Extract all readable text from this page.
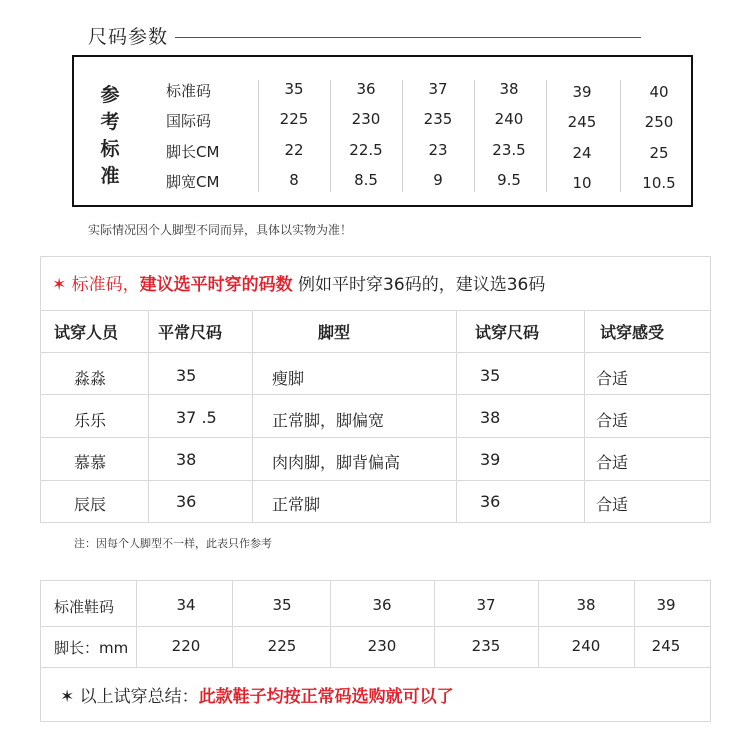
尺码参数
参
考
标
准
标准码	35	36	37	38	39	40
国际码	225	230	235	240	245	250
脚长CM	22	22.5	23	23.5	24	25
脚宽CM	8	8.5	9	9.5	10	10.5
实际情况因个人脚型不同而异，具体以实物为准！
✶ 标准码，建议选平时穿的码数 例如平时穿36码的，建议选36码
试穿人员 平常尺码	脚型	试穿尺码	试穿感受
淼淼	35	瘦脚	35	合适
乐乐	37 .5	正常脚，脚偏宽	38	合适
慕慕	38	肉肉脚，脚背偏高	39	合适
辰辰	36	正常脚	36	合适
注：因每个人脚型不一样，此表只作参考
标准鞋码	34	35	36	37	38	39
脚长：mm	220	225	230	235	240	245
✶ 以上试穿总结：此款鞋子均按正常码选购就可以了
